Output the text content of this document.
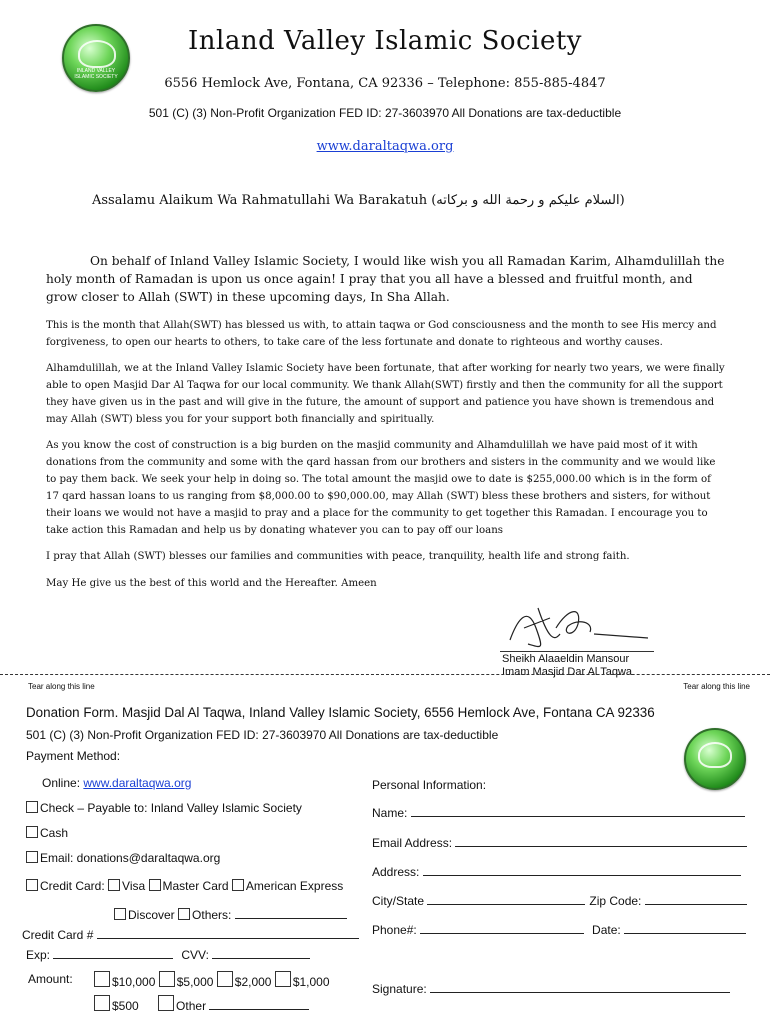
INLAND VALLEY ISLAMIC SOCIETY
Inland Valley Islamic Society
6556 Hemlock Ave, Fontana, CA 92336 – Telephone: 855-885-4847
501 (C) (3) Non-Profit Organization FED ID: 27-3603970 All Donations are tax-deductible
www.daraltaqwa.org
Assalamu Alaikum Wa Rahmatullahi Wa Barakatuh (السلام عليكم و رحمة الله و بركاته)
On behalf of Inland Valley Islamic Society, I would like wish you all Ramadan Karim, Alhamdulillah the holy month of Ramadan is upon us once again! I pray that you all have a blessed and fruitful month, and grow closer to Allah (SWT) in these upcoming days, In Sha Allah.
This is the month that Allah(SWT) has blessed us with, to attain taqwa or God consciousness and the month to see His mercy and forgiveness, to open our hearts to others, to take care of the less fortunate and donate to righteous and worthy causes.
Alhamdulillah, we at the Inland Valley Islamic Society have been fortunate, that after working for nearly two years, we were finally able to open Masjid Dar Al Taqwa for our local community. We thank Allah(SWT) firstly and then the community for all the support they have given us in the past and will give in the future, the amount of support and patience you have shown is tremendous and may Allah (SWT) bless you for your support both financially and spiritually.
As you know the cost of construction is a big burden on the masjid community and Alhamdulillah we have paid most of it with donations from the community and some with the qard hassan from our brothers and sisters in the community and we would like to pay them back. We seek your help in doing so. The total amount the masjid owe to date is $255,000.00 which is in the form of 17 qard hassan loans to us ranging from $8,000.00 to $90,000.00, may Allah (SWT) bless these brothers and sisters, for without their loans we would not have a masjid to pray and a place for the community to get together this Ramadan. I encourage you to take action this Ramadan and help us by donating whatever you can to pay off our loans
I pray that Allah (SWT) blesses our families and communities with peace, tranquility, health life and strong faith.
May He give us the best of this world and the Hereafter. Ameen
Sheikh Alaaeldin Mansour
Imam Masjid Dar Al Taqwa
Tear along this line	Tear along this line
Donation Form. Masjid Dal Al Taqwa, Inland Valley Islamic Society, 6556 Hemlock Ave, Fontana CA 92336
501 (C) (3) Non-Profit Organization FED ID: 27-3603970 All Donations are tax-deductible
Payment Method:
Online: www.daraltaqwa.org
Check – Payable to: Inland Valley Islamic Society
Cash
Email: donations@daraltaqwa.org
Credit Card: Visa Master Card American Express
Discover Others:
Credit Card #
Exp:	CVV:
Amount:	$10,000 $5,000 $2,000 $1,000
$500	Other
Personal Information:
Name:
Email Address:
Address:
City/State	Zip Code:
Phone#:	Date:
Signature:
